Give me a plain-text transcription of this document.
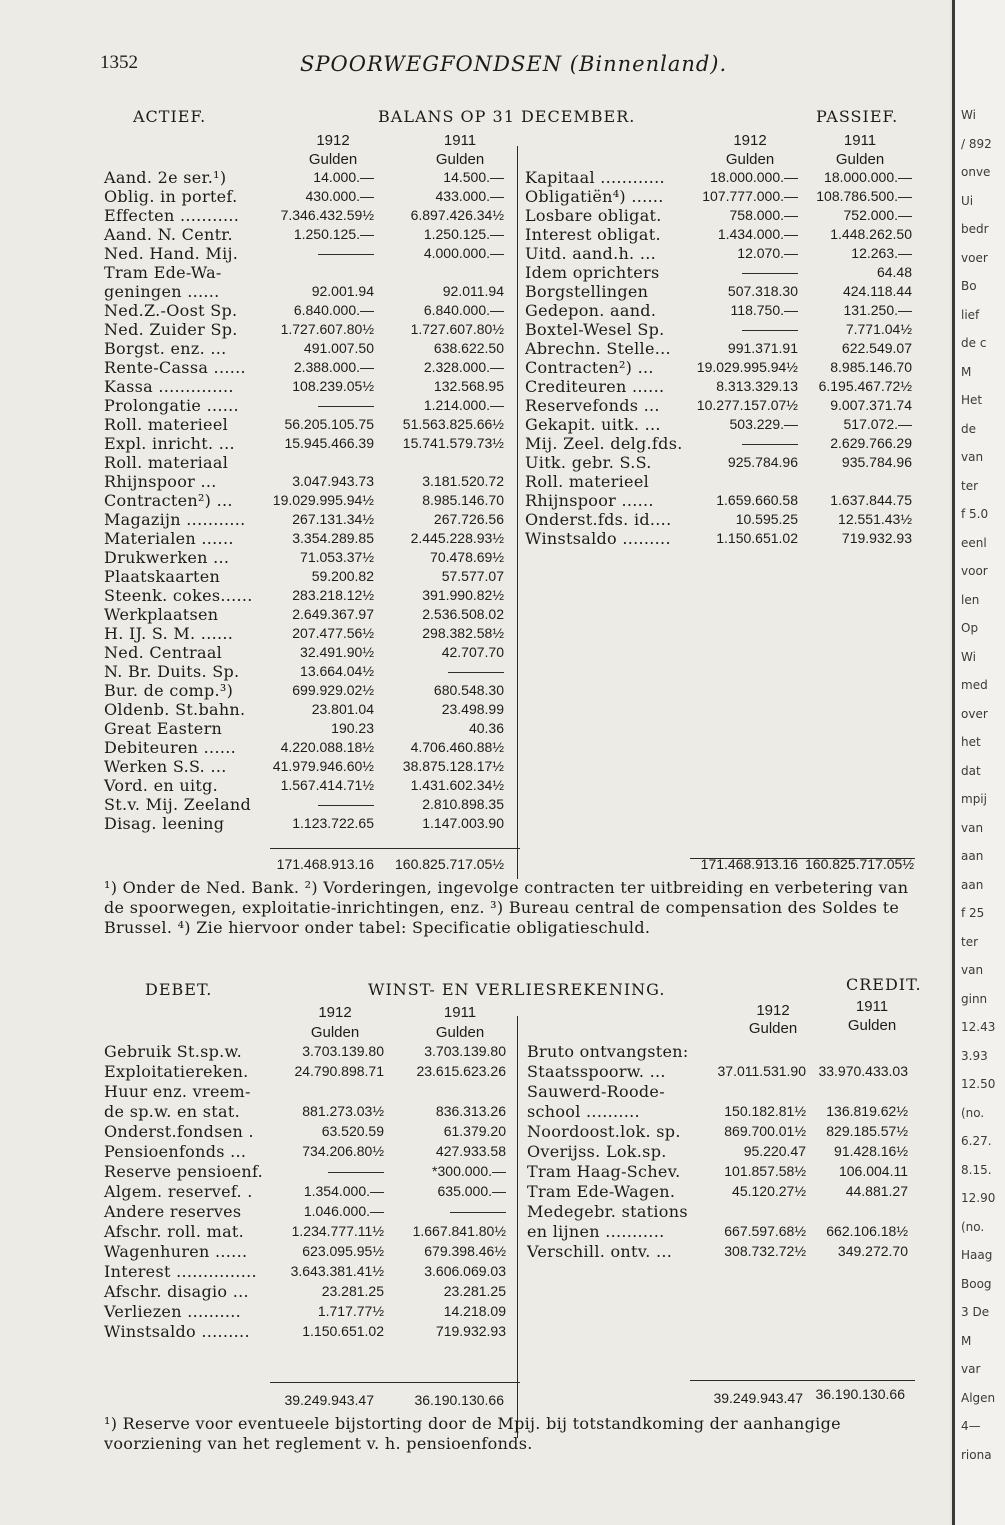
1352	SPOORWEGFONDSEN (Binnenland).
ACTIEF.	BALANS OP 31 DECEMBER.	PASSIEF.
1912	1911
Gulden	Gulden
1912	1911
Gulden	Gulden
Aand. 2e ser.¹)	14.000.—	14.500.—
Oblig. in portef.	430.000.—	433.000.—
Effecten ...........	7.346.432.59½	6.897.426.34½
Aand. N. Centr.	1.250.125.—	1.250.125.—
Ned. Hand. Mij.	————	4.000.000.—
Tram Ede-Wa-
geningen ......	92.001.94	92.011.94
Ned.Z.-Oost Sp.	6.840.000.—	6.840.000.—
Ned. Zuider Sp.	1.727.607.80½	1.727.607.80½
Borgst. enz. ...	491.007.50	638.622.50
Rente-Cassa ......	2.388.000.—	2.328.000.—
Kassa ..............	108.239.05½	132.568.95
Prolongatie ......	————	1.214.000.—
Roll. materieel	56.205.105.75	51.563.825.66½
Expl. inricht. ...	15.945.466.39	15.741.579.73½
Roll. materiaal
Rhijnspoor ...	3.047.943.73	3.181.520.72
Contracten²) ...	19.029.995.94½	8.985.146.70
Magazijn ...........	267.131.34½	267.726.56
Materialen ......	3.354.289.85	2.445.228.93½
Drukwerken ...	71.053.37½	70.478.69½
Plaatskaarten	59.200.82	57.577.07
Steenk. cokes......	283.218.12½	391.990.82½
Werkplaatsen	2.649.367.97	2.536.508.02
H. IJ. S. M. ......	207.477.56½	298.382.58½
Ned. Centraal	32.491.90½	42.707.70
N. Br. Duits. Sp.	13.664.04½	————
Bur. de comp.³)	699.929.02½	680.548.30
Oldenb. St.bahn.	23.801.04	23.498.99
Great Eastern	190.23	40.36
Debiteuren ......	4.220.088.18½	4.706.460.88½
Werken S.S. ...	41.979.946.60½	38.875.128.17½
Vord. en uitg.	1.567.414.71½	1.431.602.34½
St.v. Mij. Zeeland	————	2.810.898.35
Disag. leening	1.123.722.65	1.147.003.90
Kapitaal ............	18.000.000.—	18.000.000.—
Obligatiën⁴) ......	107.777.000.—	108.786.500.—
Losbare obligat.	758.000.—	752.000.—
Interest obligat.	1.434.000.—	1.448.262.50
Uitd. aand.h. ...	12.070.—	12.263.—
Idem oprichters	————	64.48
Borgstellingen	507.318.30	424.118.44
Gedepon. aand.	118.750.—	131.250.—
Boxtel-Wesel Sp.	————	7.771.04½
Abrechn. Stelle...	991.371.91	622.549.07
Contracten²) ...	19.029.995.94½	8.985.146.70
Crediteuren ......	8.313.329.13	6.195.467.72½
Reservefonds ...	10.277.157.07½	9.007.371.74
Gekapit. uitk. ...	503.229.—	517.072.—
Mij. Zeel. delg.fds.	————	2.629.766.29
Uitk. gebr. S.S.	925.784.96	935.784.96
Roll. materieel
Rhijnspoor ......	1.659.660.58	1.637.844.75
Onderst.fds. id....	10.595.25	12.551.43½
Winstsaldo .........	1.150.651.02	719.932.93
171.468.913.16	160.825.717.05½	171.468.913.16 160.825.717.05½
¹) Onder de Ned. Bank. ²) Vorderingen, ingevolge contracten ter uitbreiding en verbetering van de spoorwegen, exploitatie-inrichtingen, enz. ³) Bureau central de compensation des Soldes te Brussel. ⁴) Zie hiervoor onder tabel: Specificatie obligatieschuld.
DEBET.	WINST- EN VERLIESREKENING.	CREDIT.
1912	1911
Gulden	Gulden
1912	1911
Gulden	Gulden
Gebruik St.sp.w.	3.703.139.80	3.703.139.80
Exploitatiereken.	24.790.898.71	23.615.623.26
Huur enz. vreem-
de sp.w. en stat.	881.273.03½	836.313.26
Onderst.fondsen .	63.520.59	61.379.20
Pensioenfonds ...	734.206.80½	427.933.58
Reserve pensioenf.	————	*300.000.—
Algem. reservef. .	1.354.000.—	635.000.—
Andere reserves	1.046.000.—	————
Afschr. roll. mat.	1.234.777.11½	1.667.841.80½
Wagenhuren ......	623.095.95½	679.398.46½
Interest ...............	3.643.381.41½	3.606.069.03
Afschr. disagio ...	23.281.25	23.281.25
Verliezen ..........	1.717.77½	14.218.09
Winstsaldo .........	1.150.651.02	719.932.93
Bruto ontvangsten:
Staatsspoorw. ...	37.011.531.90 33.970.433.03
Sauwerd-Roode-
school ..........	150.182.81½	136.819.62½
Noordoost.lok. sp.	869.700.01½	829.185.57½
Overijss. Lok.sp.	95.220.47	91.428.16½
Tram Haag-Schev.	101.857.58½	106.004.11
Tram Ede-Wagen.	45.120.27½	44.881.27
Medegebr. stations
en lijnen ...........	667.597.68½	662.106.18½
Verschill. ontv. ...	308.732.72½	349.272.70
39.249.943.47	36.190.130.66	39.249.943.47 36.190.130.66
¹) Reserve voor eventueele bijstorting door de Mpij. bij totstandkoming der aanhangige voorziening van het reglement v. h. pensioenfonds.
Wi
/ 892
onve
Ui
bedr
voer
Bo
lief
de c
M
Het
de
van
ter
f 5.0
eenl
voor
len
Op
Wi
med
over
het
dat
mpij
van
aan
aan
f 25
ter
van
ginn
12.43
3.93
12.50
(no.
6.27.
8.15.
12.90
(no.
Haag
Boog
3 De
M
var
Algen
4—
riona
